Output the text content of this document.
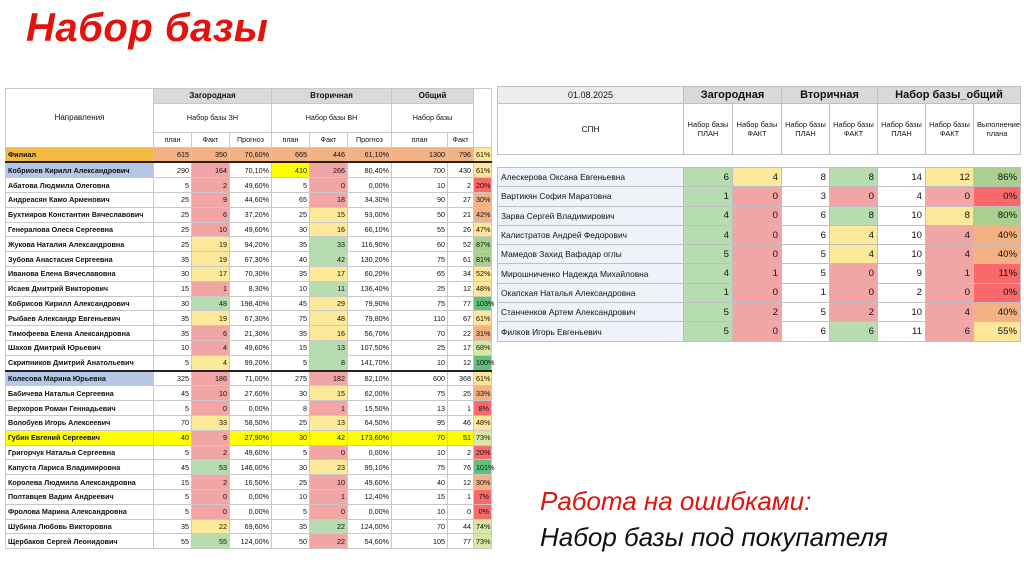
Набор базы
Направления	Загородная			Вторичная			Общий		
	Набор базы ЗН			Набор базы ВН			Набор базы		
	план	Факт	Прогноз	план	Факт	Прогноз	план	Факт	
Филиал	615	350	70,60%	665	446	61,10%	1300	796	61%
Кобриоев Кирилл Александрович	290	164	70,10%	410	266	80,40%	700	430	61%
Абатова Людмила Олеговна	5	2	49,60%	5	0	0,00%	10	2	20%
Андреасян Камо Арменович	25	9	44,60%	65	18	34,30%	90	27	30%
Бухтияров Константин Вячеславович	25	6	37,20%	25	15	93,00%	50	21	42%
Генералова Олеся Сергеевна	25	10	49,60%	30	16	66,10%	55	26	47%
Жукова Наталия Александровна	25	19	94,20%	35	33	116,90%	60	52	87%
Зубова Анастасия Сергеевна	35	19	67,30%	40	42	130,20%	75	61	81%
Иванова Елена Вячеславовна	30	17	70,30%	35	17	60,20%	65	34	52%
Исаев Дмитрий Викторович	15	1	8,30%	10	11	136,40%	25	12	48%
Кобрисов Кирилл Александрович	30	48	198,40%	45	29	79,90%	75	77	103%
Рыбаев Александр Евгеньевич	35	19	67,30%	75	48	79,80%	110	67	61%
Тимофеева Елена Александровна	35	6	21,30%	35	16	56,70%	70	22	31%
Шахов Дмитрий Юрьевич	10	4	49,60%	15	13	107,50%	25	17	68%
Скрипников Дмитрий Анатольевич	5	4	99,20%	5	8	141,70%	10	12	100%
Колесова Марина Юрьевна	325	186	71,00%	275	182	82,10%	600	368	61%
Бабичева Наталья Сергеевна	45	10	27,60%	30	15	62,00%	75	25	33%
Верхоров Роман Геннадьевич	5	0	0,00%	8	1	15,50%	13	1	8%
Волобуев Игорь Алексеевич	70	33	58,50%	25	13	64,50%	95	46	48%
Губин Евгений Сергеевич	40	9	27,90%	30	42	173,60%	70	51	73%
Григорчук Наталья Сергеевна	5	2	49,60%	5	0	0,00%	10	2	20%
Капуста Лариса Владимировна	45	53	146,00%	30	23	95,10%	75	76	101%
Королева Людмила Александровна	15	2	16,50%	25	10	49,60%	40	12	30%
Полтавцев Вадим Андреевич	5	0	0,00%	10	1	12,40%	15	1	7%
Фролова Марина Александровна	5	0	0,00%	5	0	0,00%	10	0	0%
Шубина Любовь Викторовна	35	22	69,60%	35	22	124,00%	70	44	74%
Щербаков Сергей Леонидович	55	55	124,00%	50	22	54,60%	105	77	73%
01.08.2025	Загородная		Вторичная		Набор базы_общий		
СПН	Набор базы ПЛАН	Набор базы ФАКТ	Набор базы ПЛАН	Набор базы ФАКТ	Набор базы ПЛАН	Набор базы ФАКТ	Выполнение плана

Алескерова Оксана Евгеньевна	6	4	8	8	14	12	86%
Вартикян София Маратовна	1	0	3	0	4	0	0%
Зарва Сергей Владимирович	4	0	6	8	10	8	80%
Калистратов Андрей Федорович	4	0	6	4	10	4	40%
Мамедов Захид Вафадар оглы	5	0	5	4	10	4	40%
Мирошниченко Надежда Михайловна	4	1	5	0	9	1	11%
Окапская Наталья Александровна	1	0	1	0	2	0	0%
Станченков Артем Александрович	5	2	5	2	10	4	40%
Филков Игорь Евгеньевич	5	0	6	6	11	6	55%
Работа на ошибками:
Набор базы под покупателя
